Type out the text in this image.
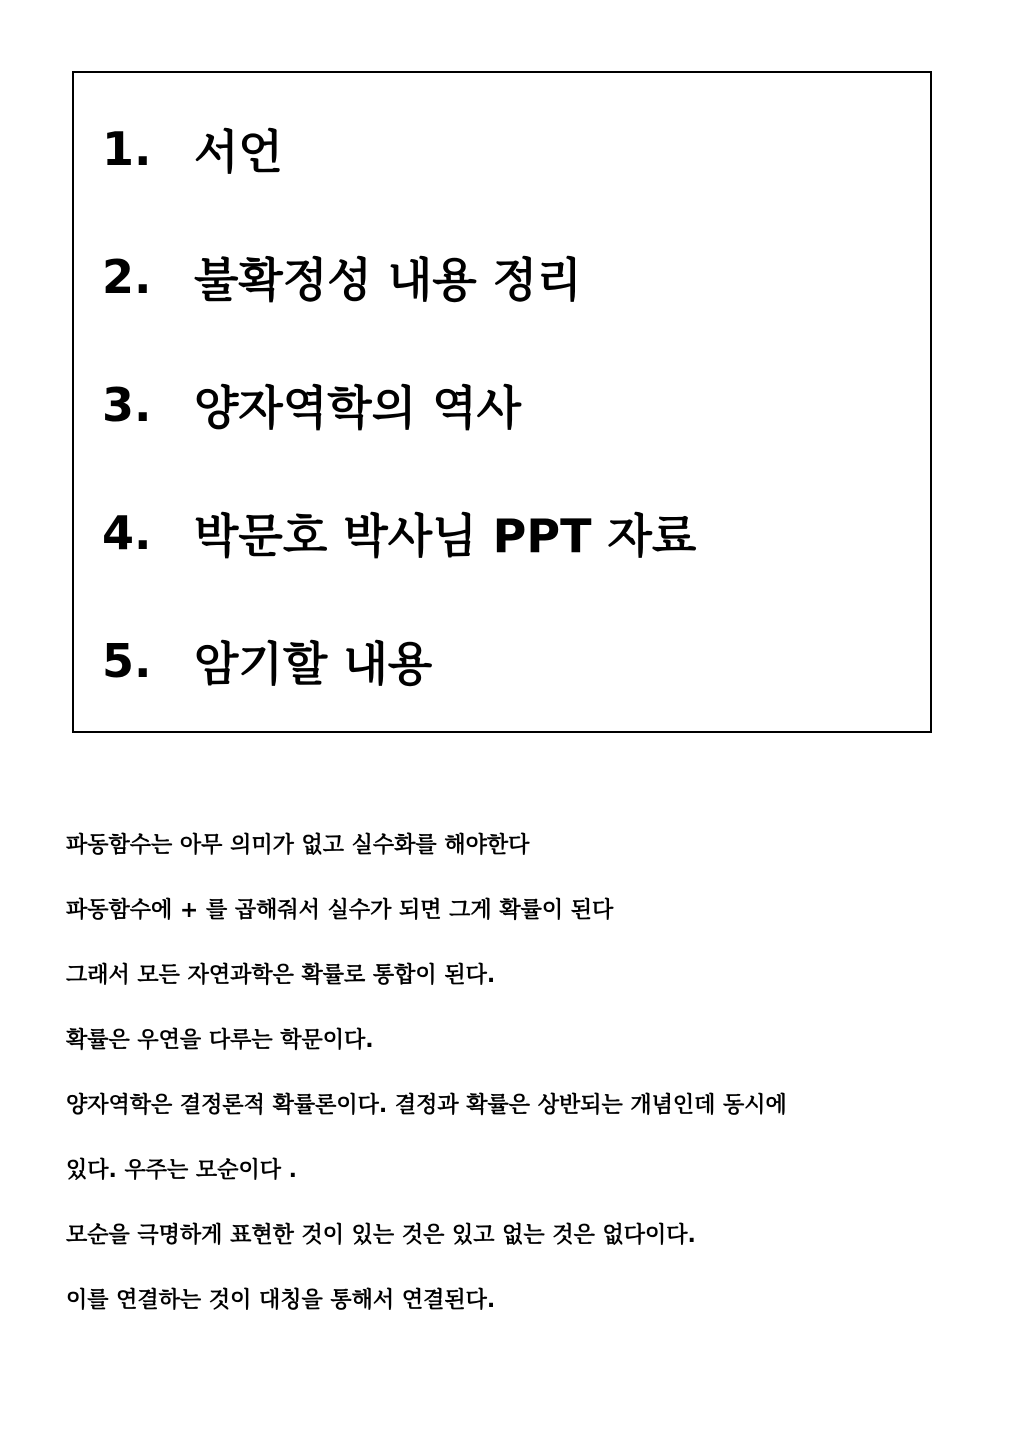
1. 서언
2. 불확정성 내용 정리
3. 양자역학의 역사
4. 박문호 박사님 PPT 자료
5. 암기할 내용
파동함수는 아무 의미가 없고 실수화를 해야한다
파동함수에 + 를 곱해줘서 실수가 되면 그게 확률이 된다
그래서 모든 자연과학은 확률로 통합이 된다.
확률은 우연을 다루는 학문이다.
양자역학은 결정론적 확률론이다. 결정과 확률은 상반되는 개념인데 동시에
있다. 우주는 모순이다 .
모순을 극명하게 표현한 것이 있는 것은 있고 없는 것은 없다이다.
이를 연결하는 것이 대칭을 통해서 연결된다.
